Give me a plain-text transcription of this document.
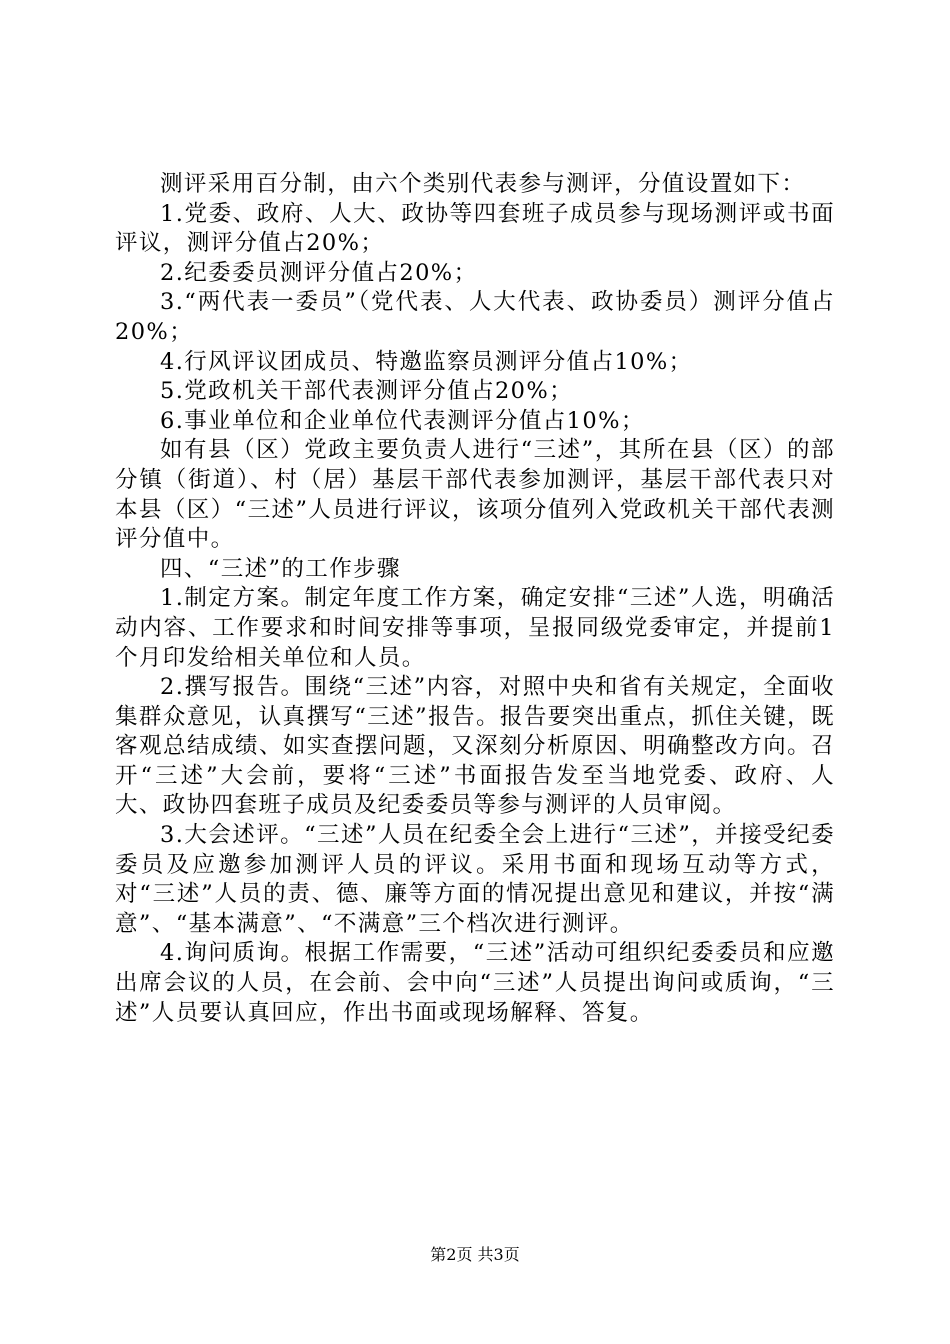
测评采用百分制，由六个类别代表参与测评，分值设置如下：

1.党委、政府、人大、政协等四套班子成员参与现场测评或书面评议，测评分值占20%；

2.纪委委员测评分值占20%；

3.“两代表一委员”（党代表、人大代表、政协委员）测评分值占20%；

4.行风评议团成员、特邀监察员测评分值占10%；

5.党政机关干部代表测评分值占20%；

6.事业单位和企业单位代表测评分值占10%；

如有县（区）党政主要负责人进行“三述”，其所在县（区）的部分镇（街道）、村（居）基层干部代表参加测评，基层干部代表只对本县（区）“三述”人员进行评议，该项分值列入党政机关干部代表测评分值中。

四、“三述”的工作步骤

1.制定方案。制定年度工作方案，确定安排“三述”人选，明确活动内容、工作要求和时间安排等事项，呈报同级党委审定，并提前1个月印发给相关单位和人员。

2.撰写报告。围绕“三述”内容，对照中央和省有关规定，全面收集群众意见，认真撰写“三述”报告。报告要突出重点，抓住关键，既客观总结成绩、如实查摆问题，又深刻分析原因、明确整改方向。召开“三述”大会前，要将“三述”书面报告发至当地党委、政府、人大、政协四套班子成员及纪委委员等参与测评的人员审阅。

3.大会述评。“三述”人员在纪委全会上进行“三述”，并接受纪委委员及应邀参加测评人员的评议。采用书面和现场互动等方式，对“三述”人员的责、德、廉等方面的情况提出意见和建议，并按“满意”、“基本满意”、“不满意”三个档次进行测评。

4.询问质询。根据工作需要，“三述”活动可组织纪委委员和应邀出席会议的人员，在会前、会中向“三述”人员提出询问或质询，“三述”人员要认真回应，作出书面或现场解释、答复。

第2页 共3页
